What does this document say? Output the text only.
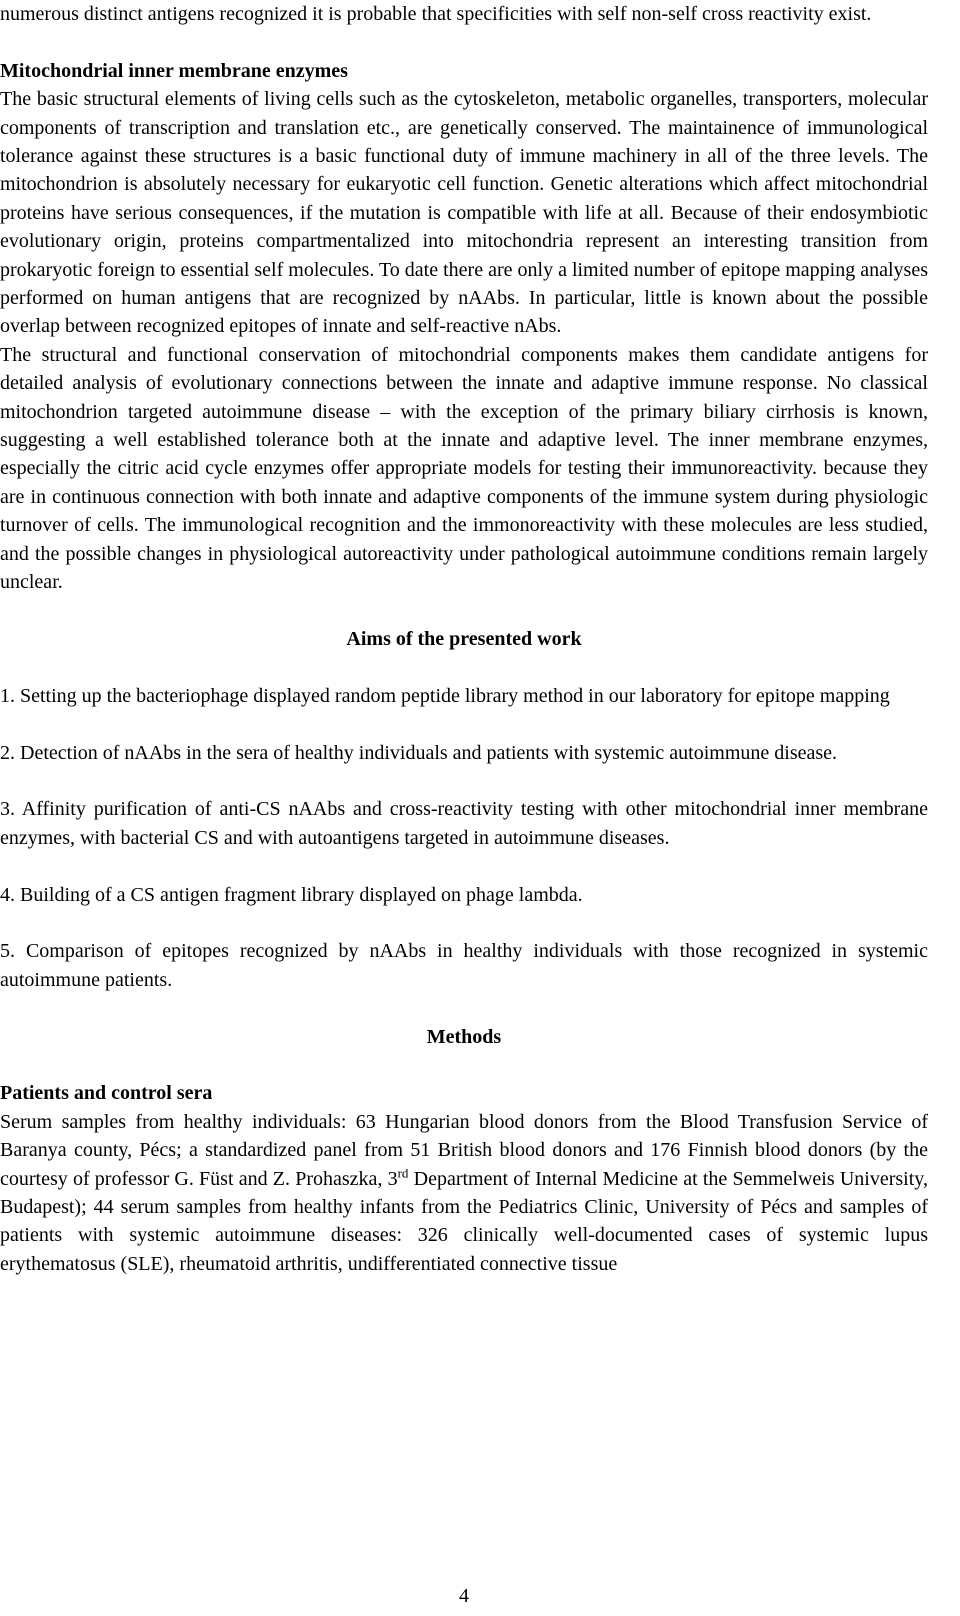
numerous distinct antigens recognized it is probable that specificities with self non-self cross reactivity exist.

Mitochondrial inner membrane enzymes

The basic structural elements of living cells such as the cytoskeleton, metabolic organelles, transporters, molecular components of transcription and translation etc., are genetically conserved. The maintainence of immunological tolerance against these structures is a basic functional duty of immune machinery in all of the three levels. The mitochondrion is absolutely necessary for eukaryotic cell function. Genetic alterations which affect mitochondrial proteins have serious consequences, if the mutation is compatible with life at all. Because of their endosymbiotic evolutionary origin, proteins compartmentalized into mitochondria represent an interesting transition from prokaryotic foreign to essential self molecules. To date there are only a limited number of epitope mapping analyses performed on human antigens that are recognized by nAAbs. In particular, little is known about the possible overlap between recognized epitopes of innate and self-reactive nAbs.

The structural and functional conservation of mitochondrial components makes them candidate antigens for detailed analysis of evolutionary connections between the innate and adaptive immune response. No classical mitochondrion targeted autoimmune disease – with the exception of the primary biliary cirrhosis is known, suggesting a well established tolerance both at the innate and adaptive level. The inner membrane enzymes, especially the citric acid cycle enzymes offer appropriate models for testing their immunoreactivity. because they are in continuous connection with both innate and adaptive components of the immune system during physiologic turnover of cells. The immunological recognition and the immonoreactivity with these molecules are less studied, and the possible changes in physiological autoreactivity under pathological autoimmune conditions remain largely unclear.

Aims of the presented work

1. Setting up the bacteriophage displayed random peptide library method in our laboratory for epitope mapping

2. Detection of nAAbs in the sera of healthy individuals and patients with systemic autoimmune disease.

3. Affinity purification of anti-CS nAAbs and cross-reactivity testing with other mitochondrial inner membrane enzymes, with bacterial CS and with autoantigens targeted in autoimmune diseases.

4. Building of a CS antigen fragment library displayed on phage lambda.

5. Comparison of epitopes recognized by nAAbs in healthy individuals with those recognized in systemic autoimmune patients.

Methods

Patients and control sera

Serum samples from healthy individuals: 63 Hungarian blood donors from the Blood Transfusion Service of Baranya county, Pécs; a standardized panel from 51 British blood donors and 176 Finnish blood donors (by the courtesy of professor G. Füst and Z. Prohaszka, 3rd Department of Internal Medicine at the Semmelweis University, Budapest); 44 serum samples from healthy infants from the Pediatrics Clinic, University of Pécs and samples of patients with systemic autoimmune diseases: 326 clinically well-documented cases of systemic lupus erythematosus (SLE), rheumatoid arthritis, undifferentiated connective tissue

4
